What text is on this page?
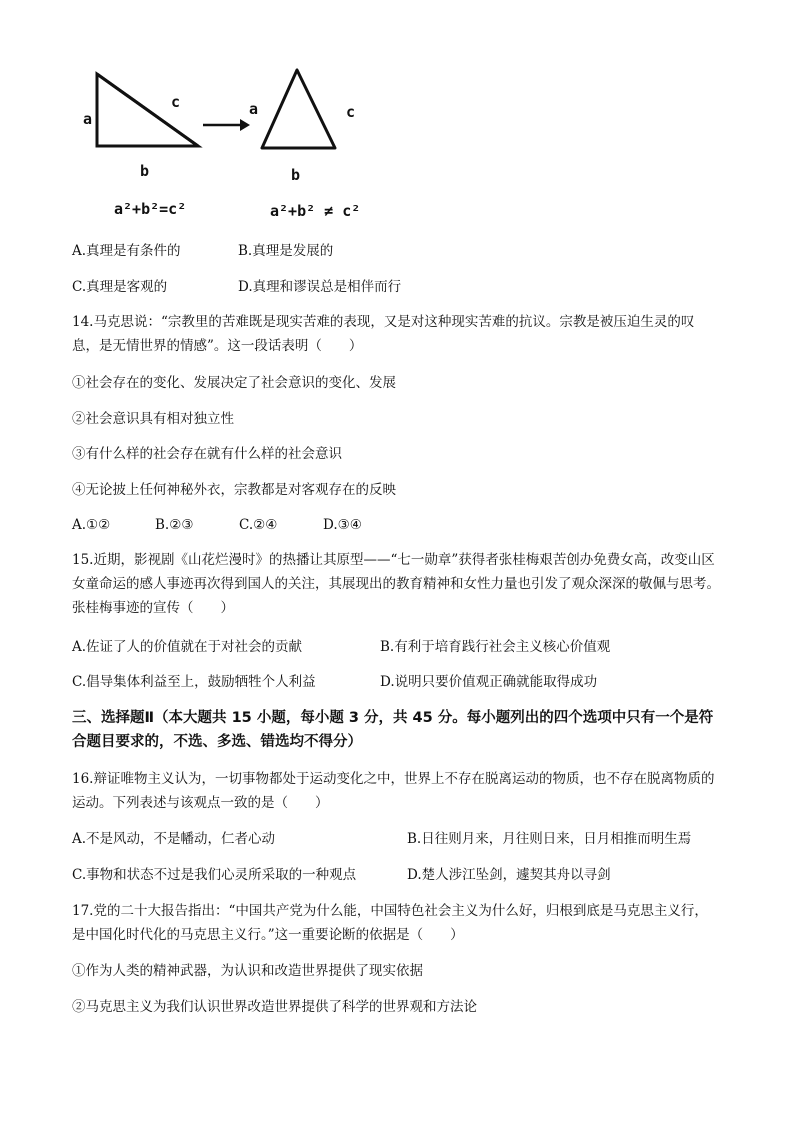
a
c
b
a²+b²=c²
a	c
b
a²+b² ≠ c²
A.真理是有条件的	B.真理是发展的
C.真理是客观的	D.真理和谬误总是相伴而行
14.马克思说：“宗教里的苦难既是现实苦难的表现，又是对这种现实苦难的抗议。宗教是被压迫生灵的叹息，是无情世界的情感”。这一段话表明（　　）
①社会存在的变化、发展决定了社会意识的变化、发展
②社会意识具有相对独立性
③有什么样的社会存在就有什么样的社会意识
④无论披上任何神秘外衣，宗教都是对客观存在的反映
A.①②	B.②③	C.②④	D.③④
15.近期，影视剧《山花烂漫时》的热播让其原型——“七一勋章”获得者张桂梅艰苦创办免费女高，改变山区女童命运的感人事迹再次得到国人的关注，其展现出的教育精神和女性力量也引发了观众深深的敬佩与思考。张桂梅事迹的宣传（　　）
A.佐证了人的价值就在于对社会的贡献	B.有利于培育践行社会主义核心价值观
C.倡导集体利益至上，鼓励牺牲个人利益	D.说明只要价值观正确就能取得成功
三、选择题Ⅱ（本大题共 15 小题，每小题 3 分，共 45 分。每小题列出的四个选项中只有一个是符合题目要求的，不选、多选、错选均不得分）
16.辩证唯物主义认为，一切事物都处于运动变化之中，世界上不存在脱离运动的物质，也不存在脱离物质的运动。下列表述与该观点一致的是（　　）
A.不是风动，不是幡动，仁者心动	B.日往则月来，月往则日来，日月相推而明生焉
C.事物和状态不过是我们心灵所采取的一种观点	D.楚人涉江坠剑，遽契其舟以寻剑
17.党的二十大报告指出：“中国共产党为什么能，中国特色社会主义为什么好，归根到底是马克思主义行，是中国化时代化的马克思主义行。”这一重要论断的依据是（　　）
①作为人类的精神武器，为认识和改造世界提供了现实依据
②马克思主义为我们认识世界改造世界提供了科学的世界观和方法论
